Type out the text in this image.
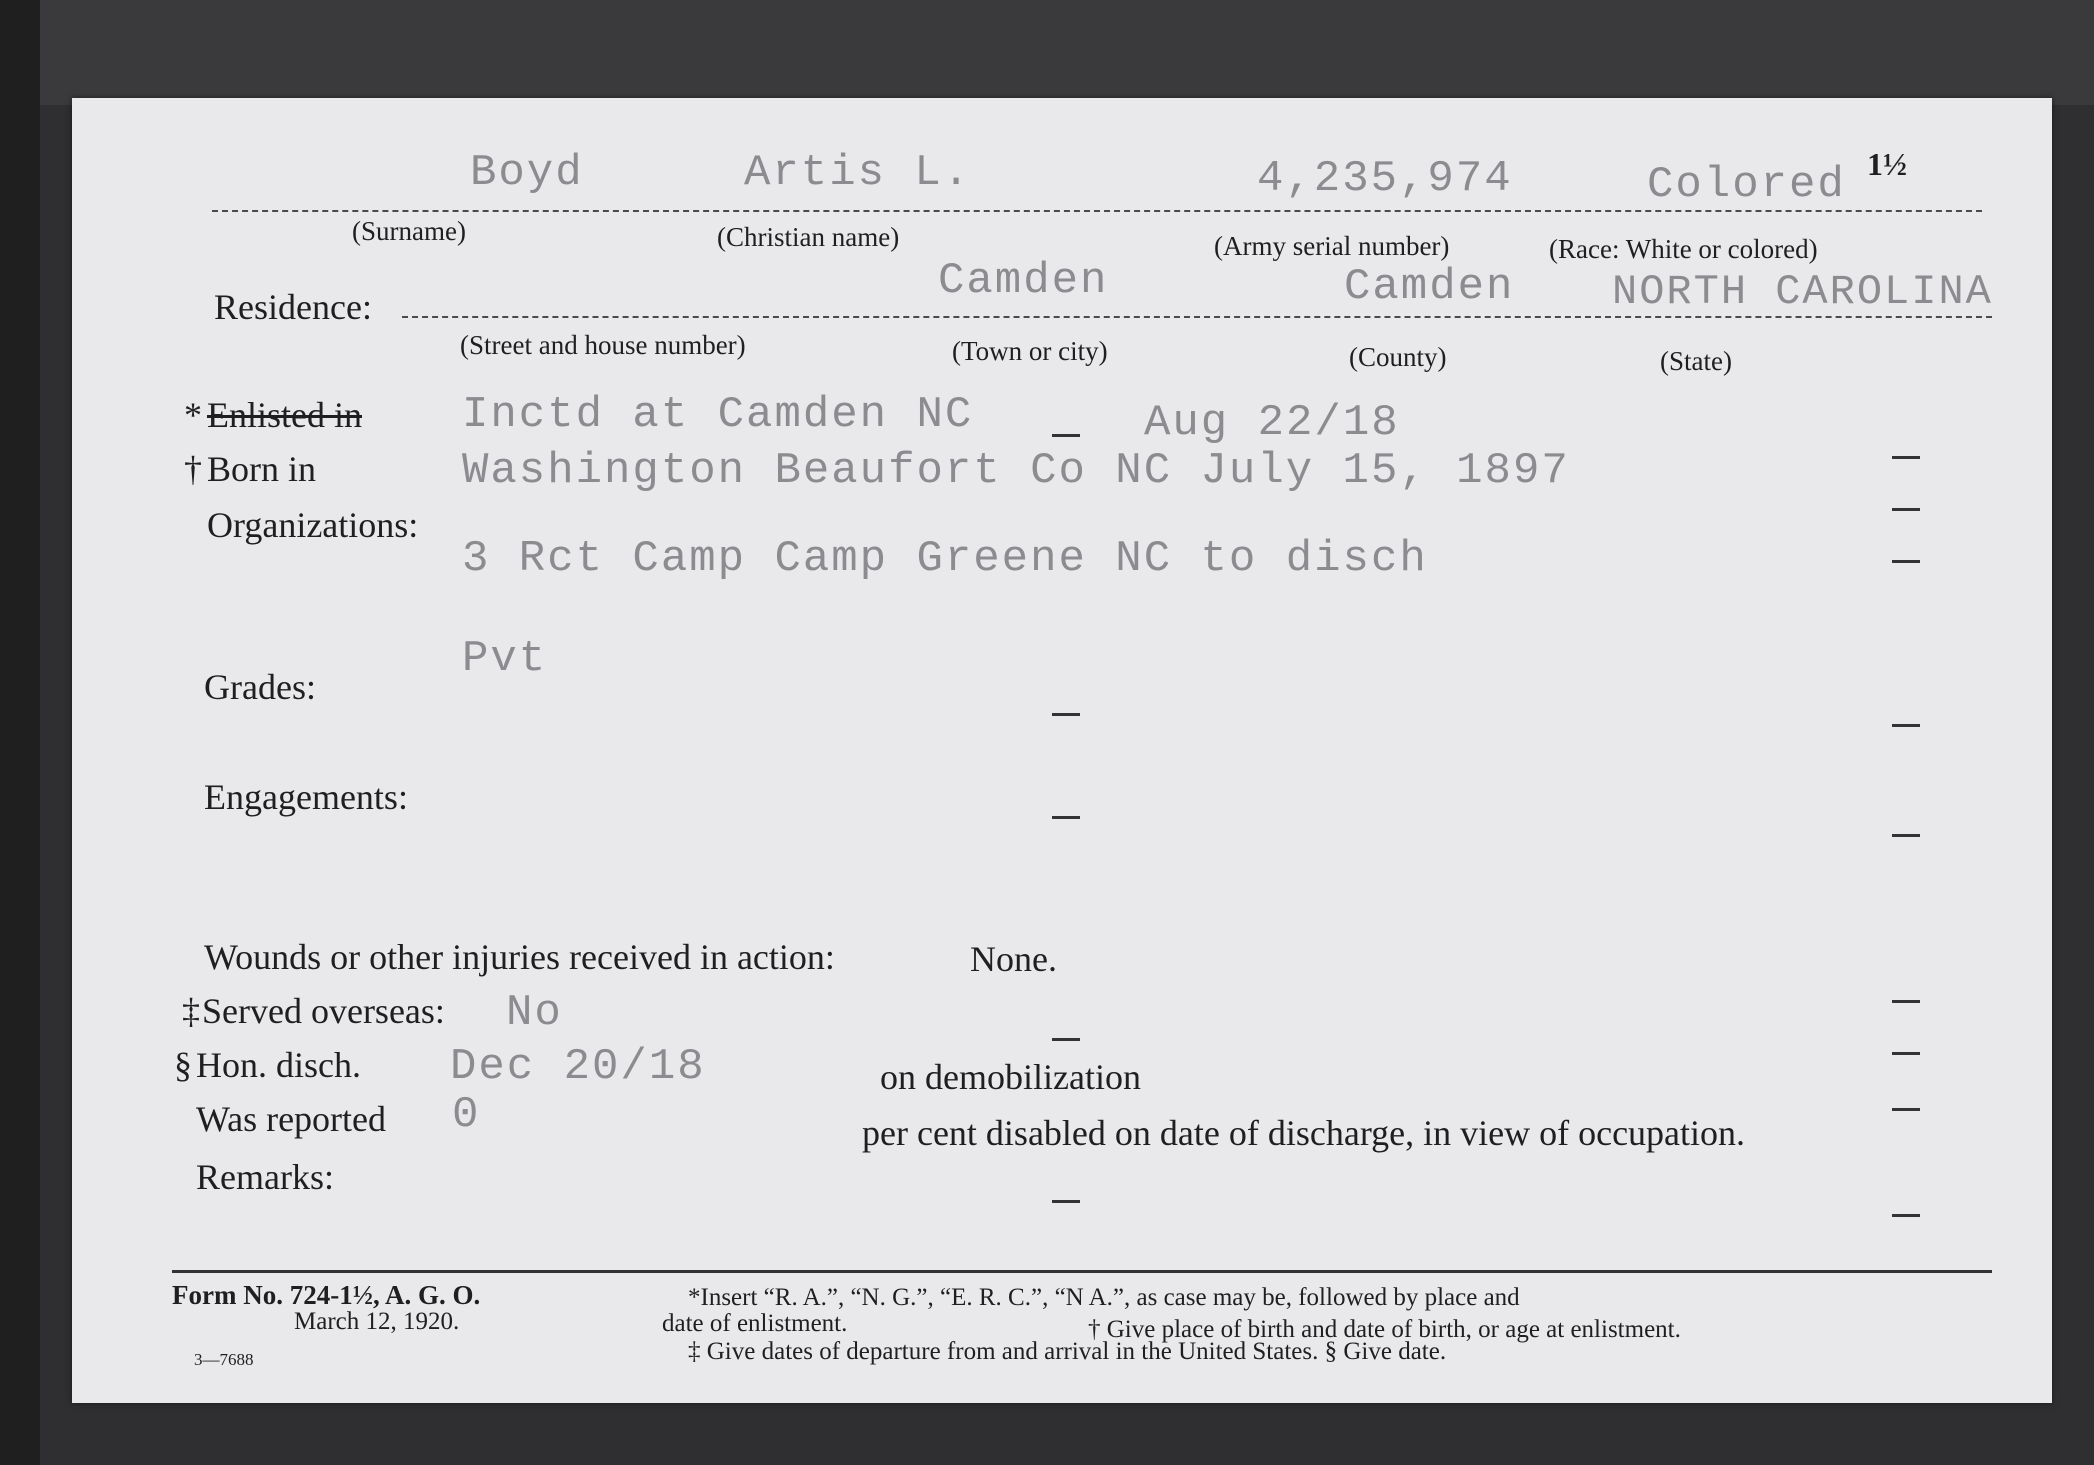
1½
Boyd	Artis L.	4,235,974	Colored
(Surname)	(Christian name)	(Army serial number)	(Race: White or colored)
Residence:
Camden	Camden NORTH CAROLINA
(Street and house number)	(Town or city)	(County)	(State)
* Enlisted in Inctd at Camden NC	Aug 22/18
† Born in	Washington Beaufort Co NC July 15, 1897
Organizations:
3 Rct Camp Camp Greene NC to disch
Grades:
Pvt
Engagements:
Wounds or other injuries received in action:	None.
‡ Served overseas: No
§ Hon. disch. Dec 20/18	on demobilization
Was reported 0	per cent disabled on date of discharge, in view of occupation.
Remarks:
Form No. 724-1½, A. G. O.
March 12, 1920.
3—7688
*Insert “R. A.”, “N. G.”, “E. R. C.”, “N A.”, as case may be, followed by place and
date of enlistment.	† Give place of birth and date of birth, or age at enlistment.
‡ Give dates of departure from and arrival in the United States. § Give date.
